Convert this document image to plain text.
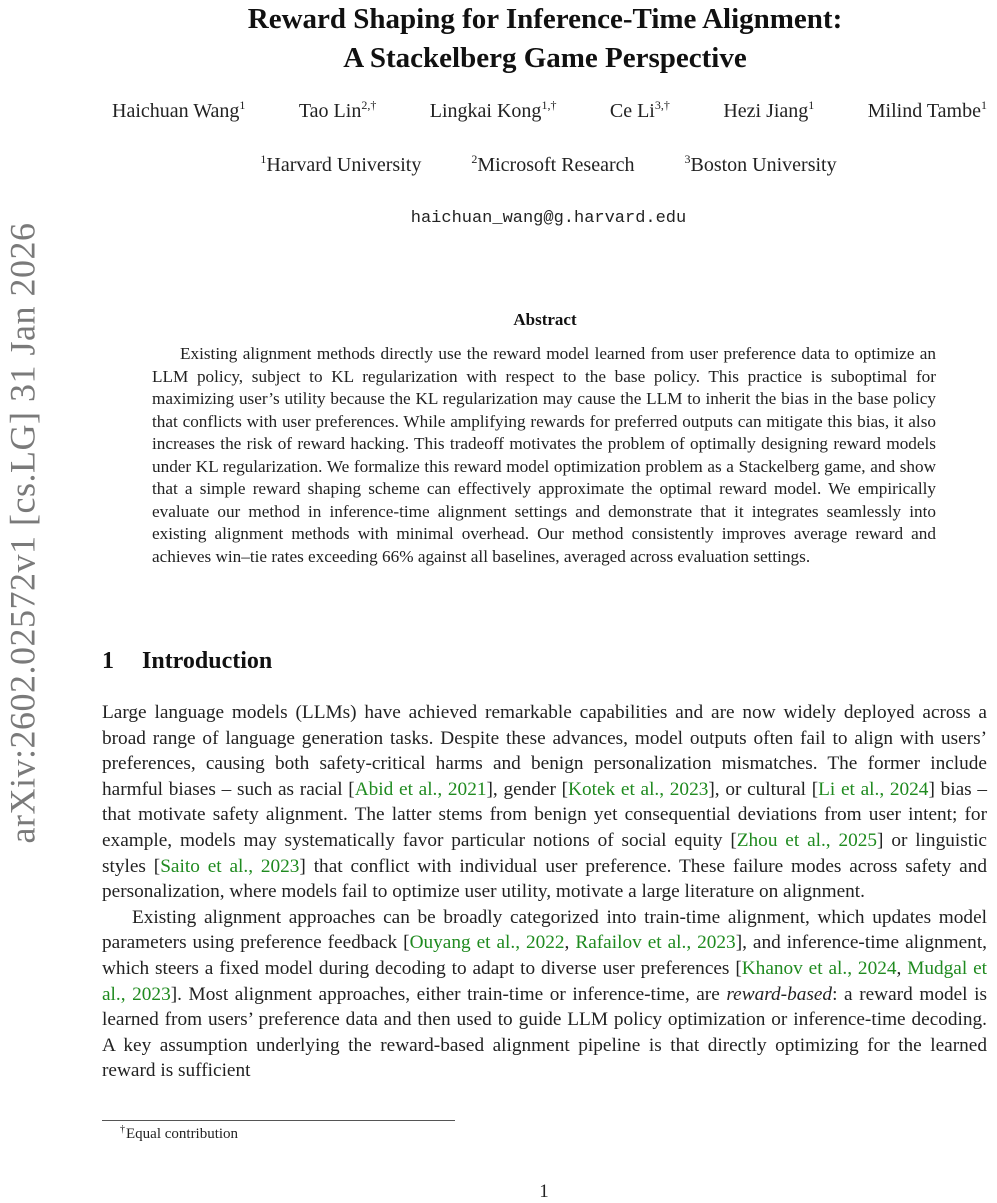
arXiv:2602.02572v1 [cs.LG] 31 Jan 2026
Reward Shaping for Inference-Time Alignment:
A Stackelberg Game Perspective
Haichuan Wang$^1$	Tao Lin$^{2,\dagger}$	Lingkai Kong$^{1,\dagger}$	Ce $Li^{3,\dagger}$	Hezi Jiang$^1$	Milind Tambe$^1$
$^1$Harvard University	$^2$Microsoft Research	$^3$Boston University
haichuan_wang@g.harvard.edu
Abstract
Existing alignment methods directly use the reward model learned from user preference data to optimize an LLM policy, subject to KL regularization with respect to the base policy. This practice is suboptimal for maximizing user’s utility because the KL regularization may cause the LLM to inherit the bias in the base policy that conflicts with user preferences. While amplifying rewards for preferred outputs can mitigate this bias, it also increases the risk of reward hacking. This tradeoff motivates the problem of optimally designing reward models under KL regularization. We formalize this reward model optimization problem as a Stackelberg game, and show that a simple reward shaping scheme can effectively approximate the optimal reward model. We empirically evaluate our method in inference-time alignment settings and demonstrate that it integrates seamlessly into existing alignment methods with minimal overhead. Our method consistently improves average reward and achieves win–tie rates exceeding 66% against all baselines, averaged across evaluation settings.
1 Introduction

Large language models (LLMs) have achieved remarkable capabilities and are now widely deployed across a broad range of language generation tasks. Despite these advances, model outputs often fail to align with users’ preferences, causing both safety-critical harms and benign personalization mismatches. The former include harmful biases – such as racial [Abid et al., 2021], gender [Kotek et al., 2023], or cultural [Li et al., 2024] bias – that motivate safety alignment. The latter stems from benign yet consequential deviations from user intent; for example, models may systematically favor particular notions of social equity [Zhou et al., 2025] or linguistic styles [Saito et al., 2023] that conflict with individual user preference. These failure modes across safety and personalization, where models fail to optimize user utility, motivate a large literature on alignment.

Existing alignment approaches can be broadly categorized into train-time alignment, which updates model parameters using preference feedback [Ouyang et al., 2022, Rafailov et al., 2023], and inference-time alignment, which steers a fixed model during decoding to adapt to diverse user preferences [Khanov et al., 2024, Mudgal et al., 2023]. Most alignment approaches, either train-time or inference-time, are reward-based: a reward model is learned from users’ preference data and then used to guide LLM policy optimization or inference-time decoding. A key assumption underlying the reward-based alignment pipeline is that directly optimizing for the learned reward is sufficient

†Equal contribution
1
